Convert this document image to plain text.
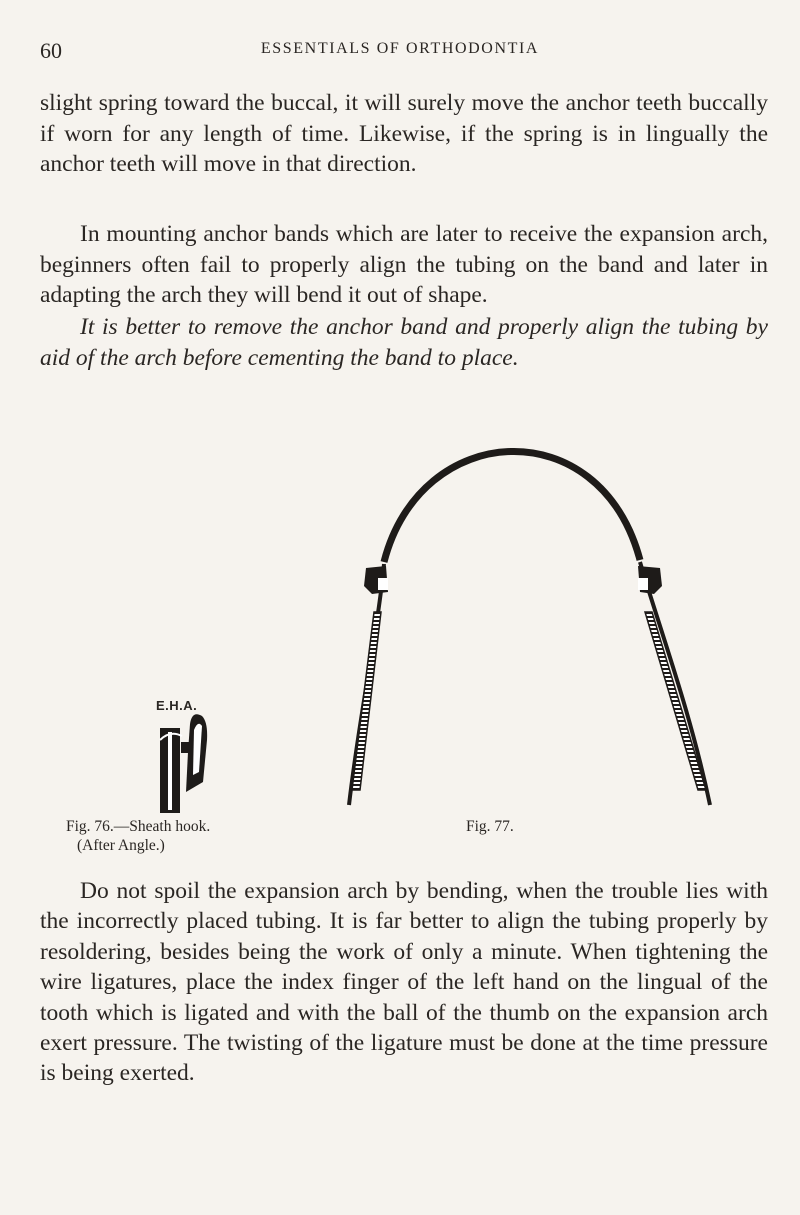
60	ESSENTIALS OF ORTHODONTIA

slight spring toward the buccal, it will surely move the anchor teeth buccally if worn for any length of time. Likewise, if the spring is in lingually the anchor teeth will move in that direction.

In mounting anchor bands which are later to receive the expansion arch, beginners often fail to properly align the tubing on the band and later in adapting the arch they will bend it out of shape.

It is better to remove the anchor band and properly align the tubing by aid of the arch before cementing the band to place.

E.H.A.
Fig. 76.—Sheath hook.
(After Angle.)
Fig. 77.

Do not spoil the expansion arch by bending, when the trouble lies with the incorrectly placed tubing. It is far better to align the tubing properly by resoldering, besides being the work of only a minute. When tightening the wire ligatures, place the index finger of the left hand on the lingual of the tooth which is ligated and with the ball of the thumb on the expansion arch exert pressure. The twisting of the ligature must be done at the time pressure is being exerted.
